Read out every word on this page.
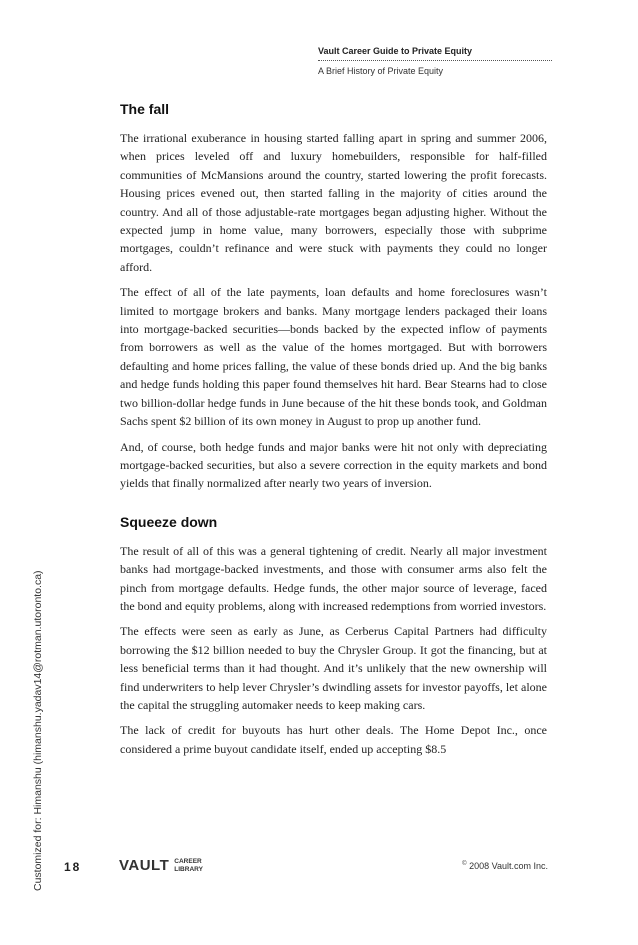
Vault Career Guide to Private Equity
A Brief History of Private Equity
The fall

The irrational exuberance in housing started falling apart in spring and summer 2006, when prices leveled off and luxury homebuilders, responsible for half-filled communities of McMansions around the country, started lowering the profit forecasts. Housing prices evened out, then started falling in the majority of cities around the country. And all of those adjustable-rate mortgages began adjusting higher. Without the expected jump in home value, many borrowers, especially those with subprime mortgages, couldn’t refinance and were stuck with payments they could no longer afford.

The effect of all of the late payments, loan defaults and home foreclosures wasn’t limited to mortgage brokers and banks. Many mortgage lenders packaged their loans into mortgage-backed securities—bonds backed by the expected inflow of payments from borrowers as well as the value of the homes mortgaged. But with borrowers defaulting and home prices falling, the value of these bonds dried up. And the big banks and hedge funds holding this paper found themselves hit hard. Bear Stearns had to close two billion-dollar hedge funds in June because of the hit these bonds took, and Goldman Sachs spent $2 billion of its own money in August to prop up another fund.

And, of course, both hedge funds and major banks were hit not only with depreciating mortgage-backed securities, but also a severe correction in the equity markets and bond yields that finally normalized after nearly two years of inversion.

Squeeze down

The result of all of this was a general tightening of credit. Nearly all major investment banks had mortgage-backed investments, and those with consumer arms also felt the pinch from mortgage defaults. Hedge funds, the other major source of leverage, faced the bond and equity problems, along with increased redemptions from worried investors.

The effects were seen as early as June, as Cerberus Capital Partners had difficulty borrowing the $12 billion needed to buy the Chrysler Group. It got the financing, but at less beneficial terms than it had thought. And it’s unlikely that the new ownership will find underwriters to help lever Chrysler’s dwindling assets for investor payoffs, let alone the capital the struggling automaker needs to keep making cars.

The lack of credit for buyouts has hurt other deals. The Home Depot Inc., once considered a prime buyout candidate itself, ended up accepting $8.5

Customized for: Himanshu (himanshu.yadav14@rotman.utoronto.ca) 18	VAULT CAREER
LIBRARY
© 2008 Vault.com Inc.
